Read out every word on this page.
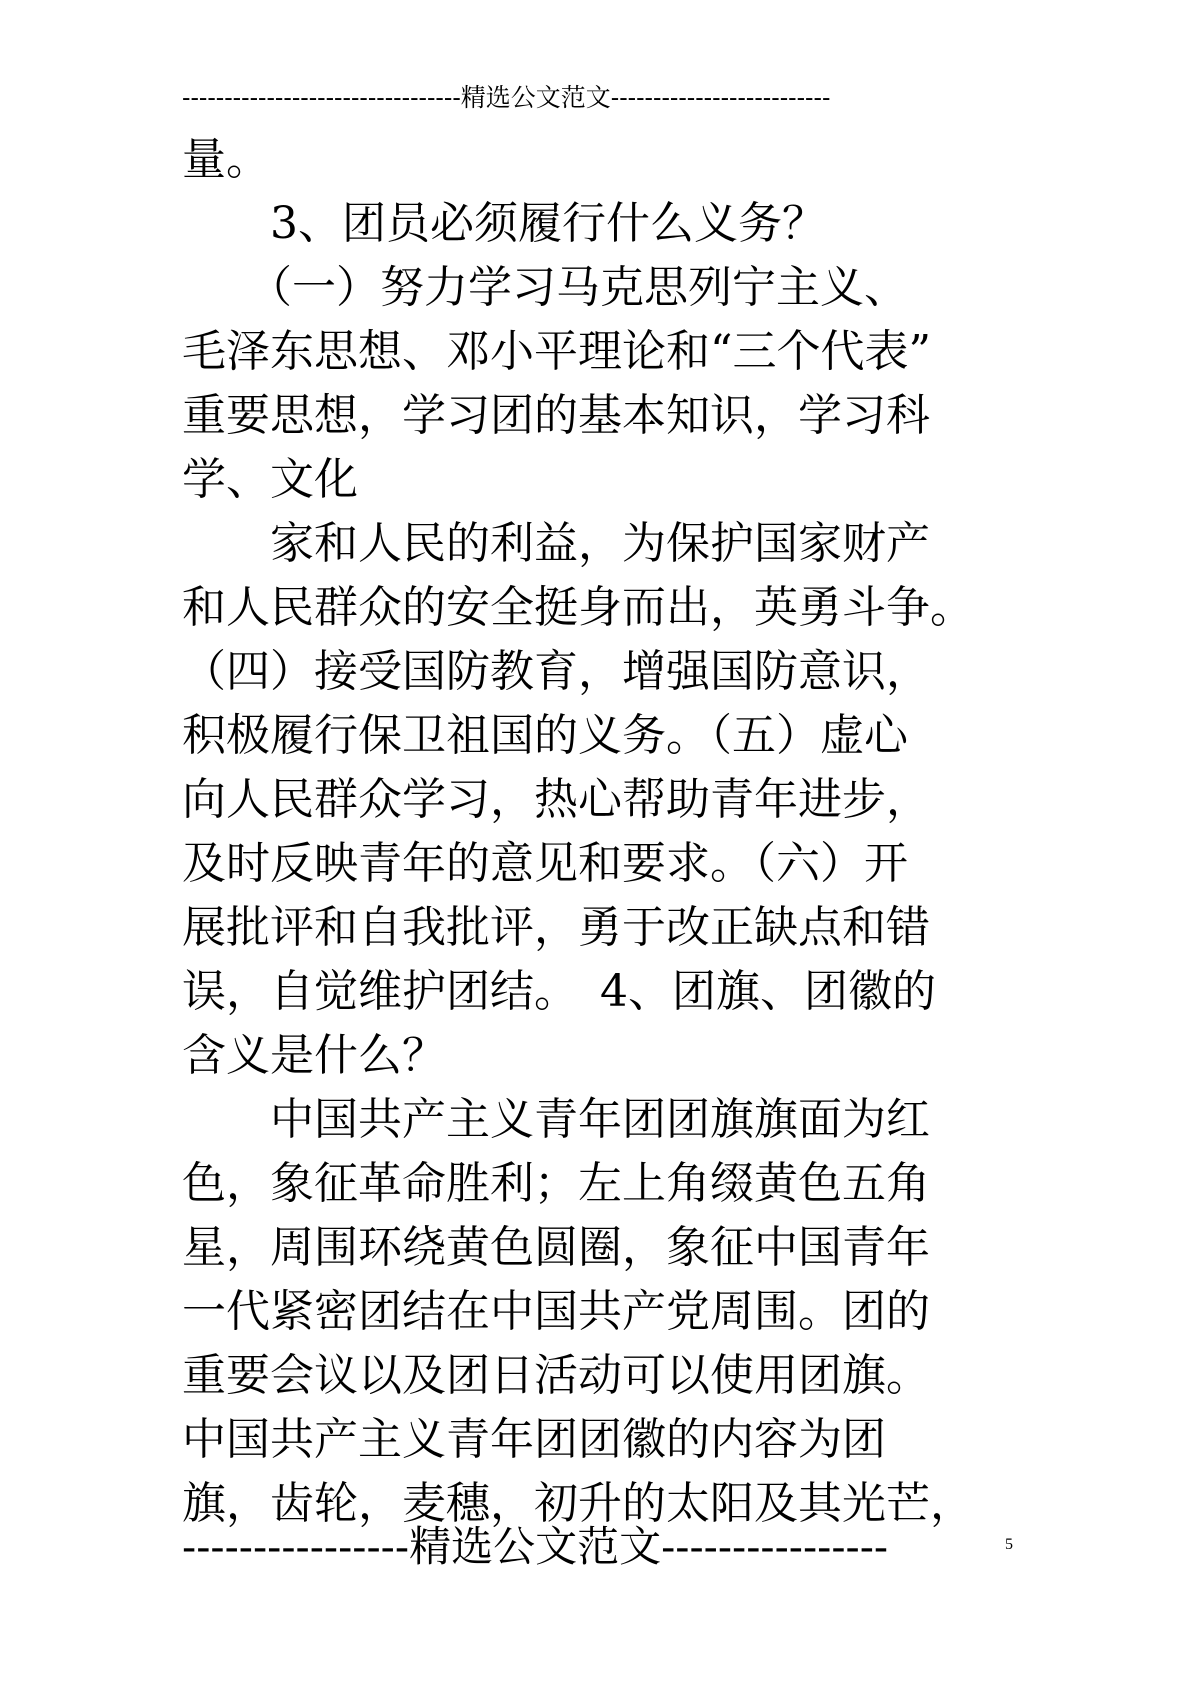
---------------------------------精选公文范文--------------------------
量。
　　3、团员必须履行什么义务？
　　（一）努力学习马克思列宁主义、
毛泽东思想、邓小平理论和“三个代表”
重要思想，学习团的基本知识，学习科
学、文化
　　家和人民的利益，为保护国家财产
和人民群众的安全挺身而出，英勇斗争。
（四）接受国防教育，增强国防意识，
积极履行保卫祖国的义务。（五）虚心
向人民群众学习，热心帮助青年进步，
及时反映青年的意见和要求。（六）开
展批评和自我批评，勇于改正缺点和错
误，自觉维护团结。　4、团旗、团徽的
含义是什么？
　　中国共产主义青年团团旗旗面为红
色，象征革命胜利；左上角缀黄色五角
星，周围环绕黄色圆圈，象征中国青年
一代紧密团结在中国共产党周围。团的
重要会议以及团日活动可以使用团旗。
中国共产主义青年团团徽的内容为团
旗，齿轮，麦穗，初升的太阳及其光芒，
----------------精选公文范文----------------	5
